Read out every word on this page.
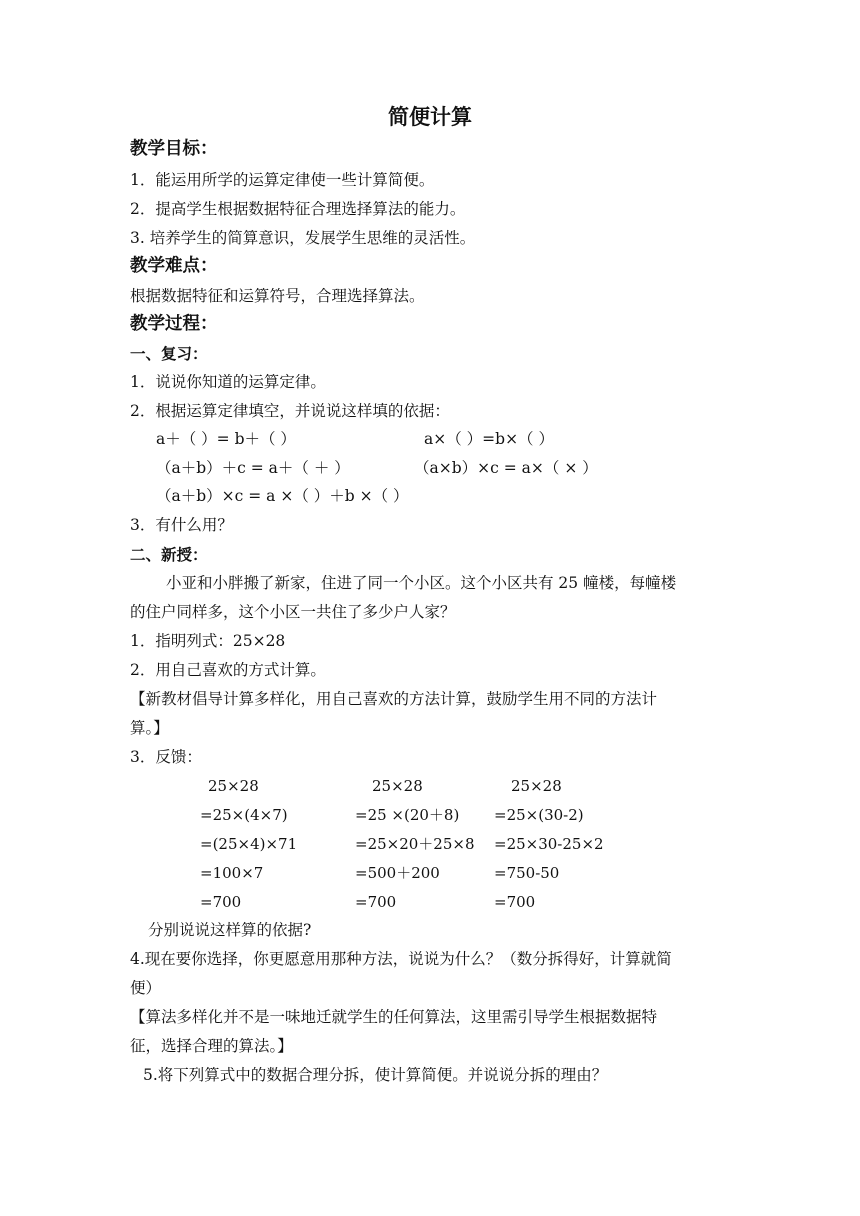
简便计算
教学目标：
1．能运用所学的运算定律使一些计算简便。
2．提高学生根据数据特征合理选择算法的能力。
3. 培养学生的简算意识，发展学生思维的灵活性。
教学难点：
根据数据特征和运算符号，合理选择算法。
教学过程：
一、复习：
1．说说你知道的运算定律。
2．根据运算定律填空，并说说这样填的依据：
a＋（ ）= b＋（ ）	a×（ ）=b×（ ）
（a＋b）＋c = a＋（ ＋ ）	（a×b）×c = a×（ × ）
（a＋b）×c = a ×（ ）＋b ×（ ）
3．有什么用？
二、新授：
小亚和小胖搬了新家，住进了同一个小区。这个小区共有 25 幢楼，每幢楼
的住户同样多，这个小区一共住了多少户人家？
1．指明列式：25×28
2．用自己喜欢的方式计算。
【新教材倡导计算多样化，用自己喜欢的方法计算，鼓励学生用不同的方法计
算。】
3．反馈：
25×28
=25×(4×7)
=(25×4)×71
=100×7
=700
25×28
=25 ×(20＋8)
=25×20＋25×8
=500＋200
=700
25×28
=25×(30-2)
=25×30-25×2
=750-50
=700
分别说说这样算的依据?
4.现在要你选择，你更愿意用那种方法，说说为什么？（数分拆得好，计算就简
便）
【算法多样化并不是一味地迁就学生的任何算法，这里需引导学生根据数据特
征，选择合理的算法。】
5.将下列算式中的数据合理分拆，使计算简便。并说说分拆的理由？
